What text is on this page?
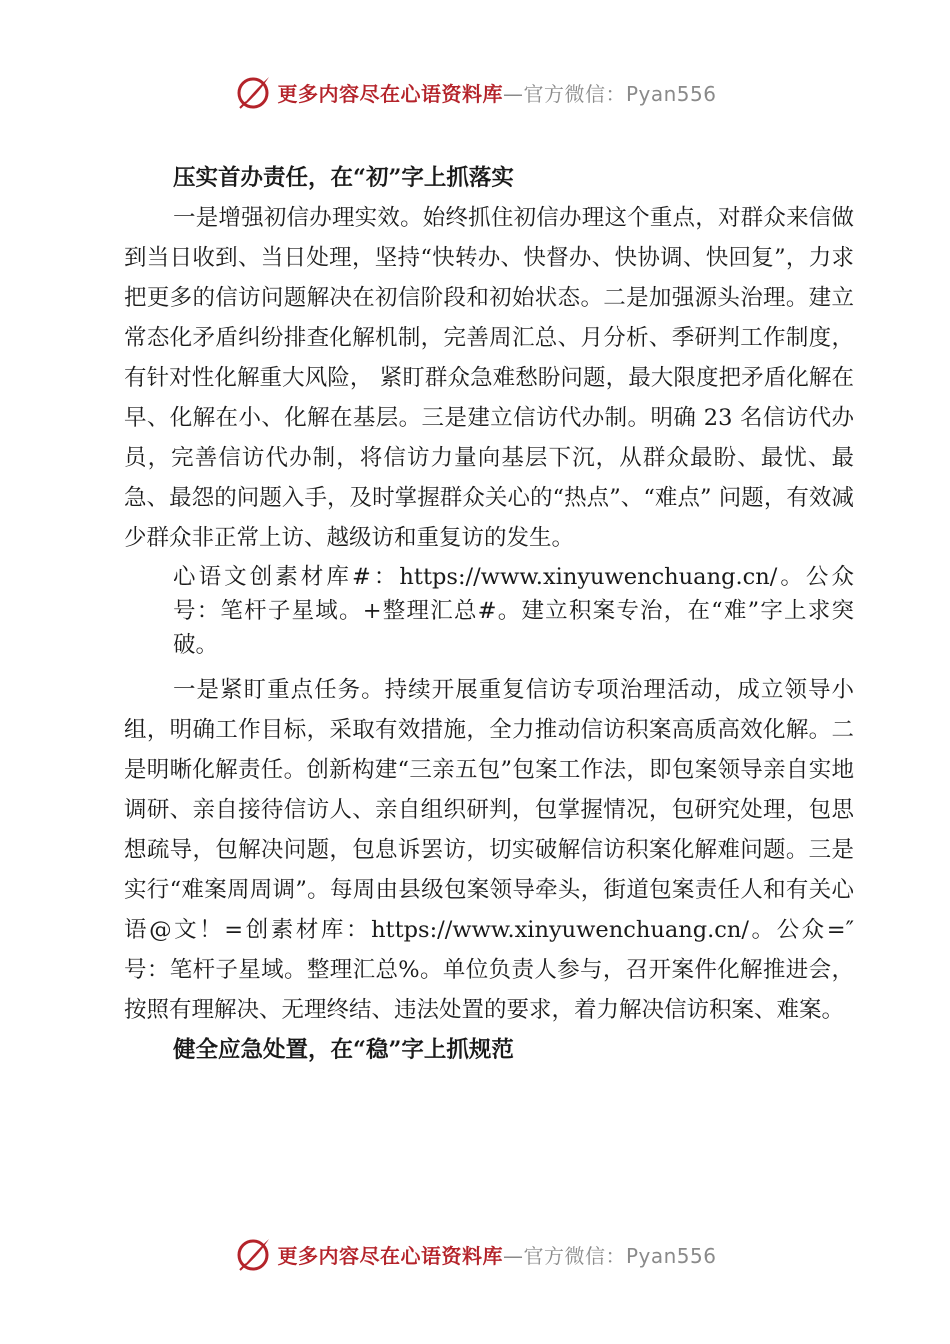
更多内容尽在心语资料库 —官方微信：Pyan556

压实首办责任，在“初”字上抓落实

一是增强初信办理实效。始终抓住初信办理这个重点，对群众来信做到当日收到、当日处理，坚持“快转办、快督办、快协调、快回复”，力求把更多的信访问题解决在初信阶段和初始状态。二是加强源头治理。建立常态化矛盾纠纷排查化解机制，完善周汇总、月分析、季研判工作制度，有针对性化解重大风险， 紧盯群众急难愁盼问题，最大限度把矛盾化解在早、化解在小、化解在基层。三是建立信访代办制。明确 23 名信访代办员，完善信访代办制，将信访力量向基层下沉，从群众最盼、最忧、最急、最怨的问题入手，及时掌握群众关心的“热点”、“难点” 问题，有效减少群众非正常上访、越级访和重复访的发生。

心语文创素材库#：https://www.xinyuwenchuang.cn/。公众号：笔杆子星域。+整理汇总#。建立积案专治，在“难”字上求突破。

一是紧盯重点任务。持续开展重复信访专项治理活动，成立领导小组，明确工作目标，采取有效措施，全力推动信访积案高质高效化解。二是明晰化解责任。创新构建“三亲五包”包案工作法，即包案领导亲自实地调研、亲自接待信访人、亲自组织研判，包掌握情况，包研究处理，包思想疏导，包解决问题，包息诉罢访，切实破解信访积案化解难问题。三是实行“难案周周调”。每周由县级包案领导牵头，街道包案责任人和有关心语@文！=创素材库：https://www.xinyuwenchuang.cn/。公众=″号：笔杆子星域。整理汇总%。单位负责人参与，召开案件化解推进会，按照有理解决、无理终结、违法处置的要求，着力解决信访积案、难案。

健全应急处置，在“稳”字上抓规范

更多内容尽在心语资料库 —官方微信：Pyan556
